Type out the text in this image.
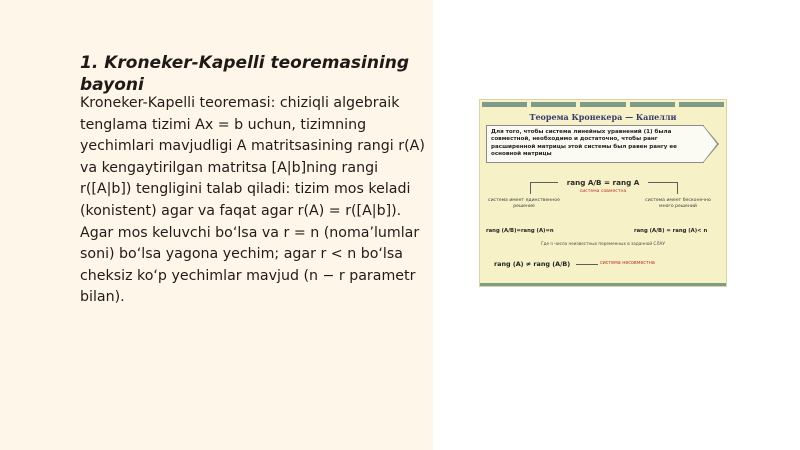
1. Kroneker-Kapelli teoremasining bayoni

Kroneker-Kapelli teoremasi: chiziqli algebraik tenglama tizimi Ax = b uchun, tizimning yechimlari mavjudligi A matritsasining rangi r(A) va kengaytirilgan matritsa [A|b]ning rangi r([A|b]) tengligini talab qiladi: tizim mos keladi (konistent) agar va faqat agar r(A) = r([A|b]). Agar mos keluvchi bo‘lsa va r = n (noma’lumlar soni) bo‘lsa yagona yechim; agar r < n bo‘lsa cheksiz ko‘p yechimlar mavjud (n − r parametr bilan).

Теорема Кронекера — Капелли
Для того, чтобы система линейных уравнений (1) была совместной, необходимо и достаточно, чтобы ранг расширенной матрицы этой системы был равен рангу ее основной матрицы
rang A/B = rang A
система совместна
система имеет единственное решение
система имеет бесконечно много решений
rang (A/B)=rang (A)=n	rang (A/B) = rang (A)< n
Где n число неизвестных переменных в заданной СЛАУ
rang (A) ≠ rang (A/B)	система несовместна
